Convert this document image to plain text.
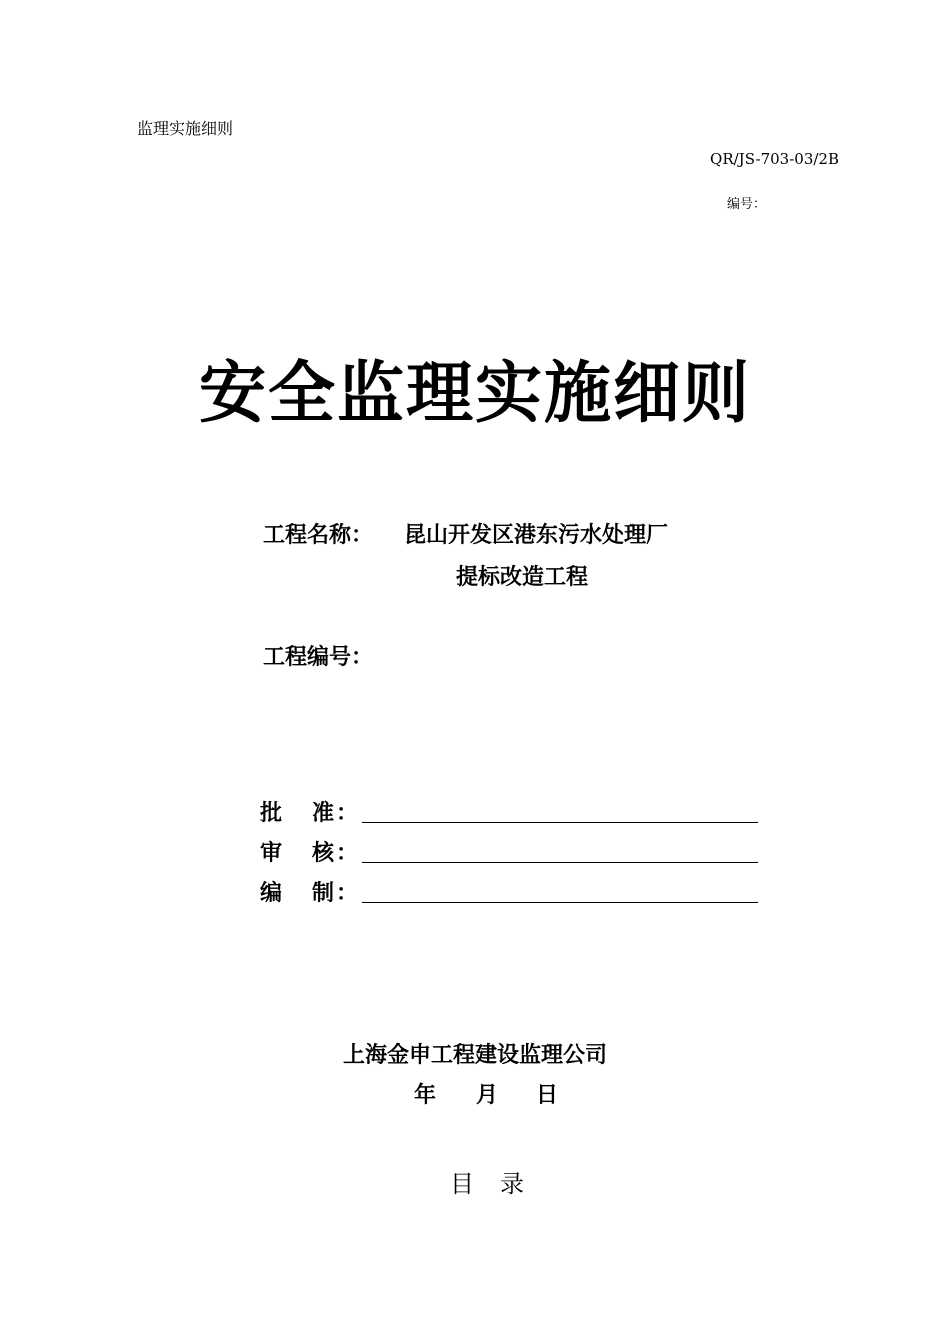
监理实施细则
QR/JS-703-03/2B
编号：
安全监理实施细则
工程名称： 昆山开发区港东污水处理厂
提标改造工程
工程编号：
批 准 ：
审 核 ：
编 制 ：
上海金申工程建设监理公司
年 月 日
目 录
